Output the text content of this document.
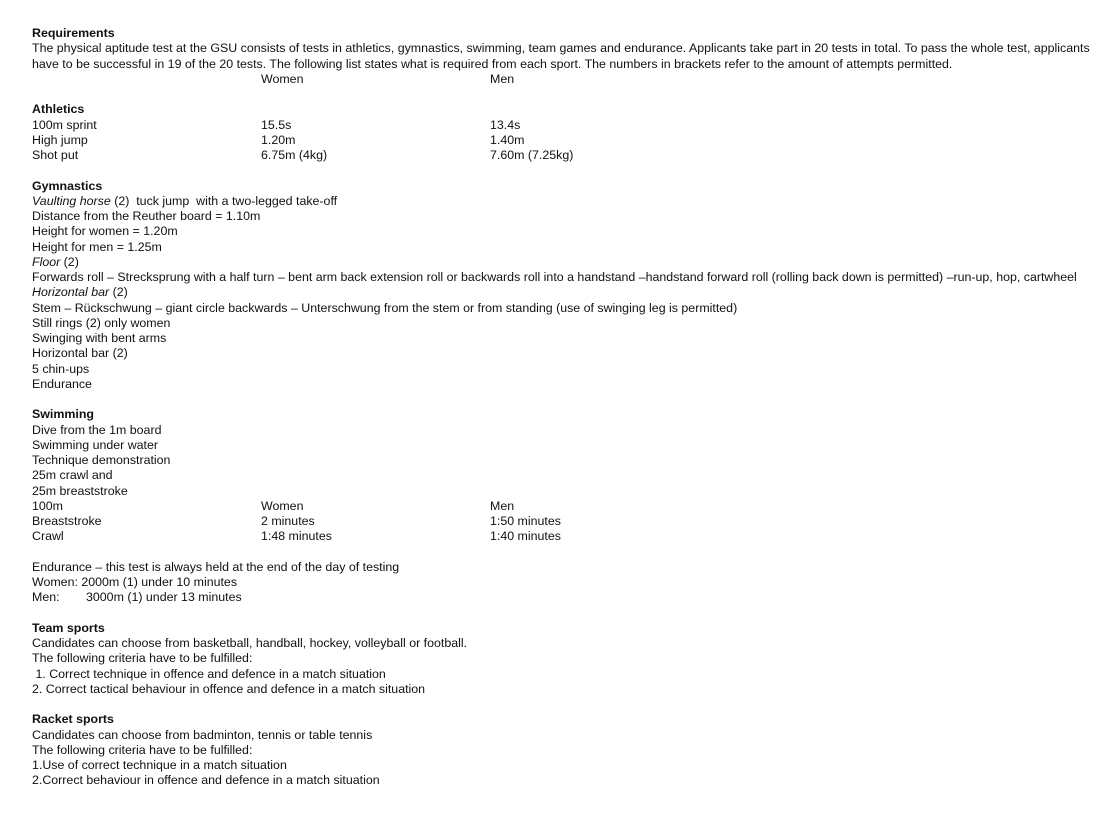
Requirements
The physical aptitude test at the GSU consists of tests in athletics, gymnastics, swimming, team games and endurance. Applicants take part in 20 tests in total. To pass the whole test, applicants have to be successful in 19 of the 20 tests. The following list states what is required from each sport. The numbers in brackets refer to the amount of attempts permitted.
Women	Men
Athletics
100m sprint	15.5s	13.4s
High jump	1.20m	1.40m
Shot put	6.75m (4kg)	7.60m (7.25kg)
Gymnastics
Vaulting horse (2)  tuck jump  with a two-legged take-off
Distance from the Reuther board = 1.10m
Height for women = 1.20m
Height for men = 1.25m
Floor (2)
Forwards roll – Strecksprung with a half turn – bent arm back extension roll or backwards roll into a handstand –handstand forward roll (rolling back down is permitted) –run-up, hop, cartwheel
Horizontal bar (2)
Stem – Rückschwung – giant circle backwards – Unterschwung from the stem or from standing (use of swinging leg is permitted)
Still rings (2) only women
Swinging with bent arms
Horizontal bar (2)
5 chin-ups
Endurance
Swimming
Dive from the 1m board
Swimming under water
Technique demonstration
25m crawl and
25m breaststroke
100m	Women	Men
Breaststroke	2 minutes	1:50 minutes
Crawl	1:48 minutes	1:40 minutes
Endurance – this test is always held at the end of the day of testing
Women: 2000m (1) under 10 minutes
Men: 3000m (1) under 13 minutes
Team sports
Candidates can choose from basketball, handball, hockey, volleyball or football.
The following criteria have to be fulfilled:
1. Correct technique in offence and defence in a match situation
2. Correct tactical behaviour in offence and defence in a match situation
Racket sports
Candidates can choose from badminton, tennis or table tennis
The following criteria have to be fulfilled:
1.Use of correct technique in a match situation
2.Correct behaviour in offence and defence in a match situation
